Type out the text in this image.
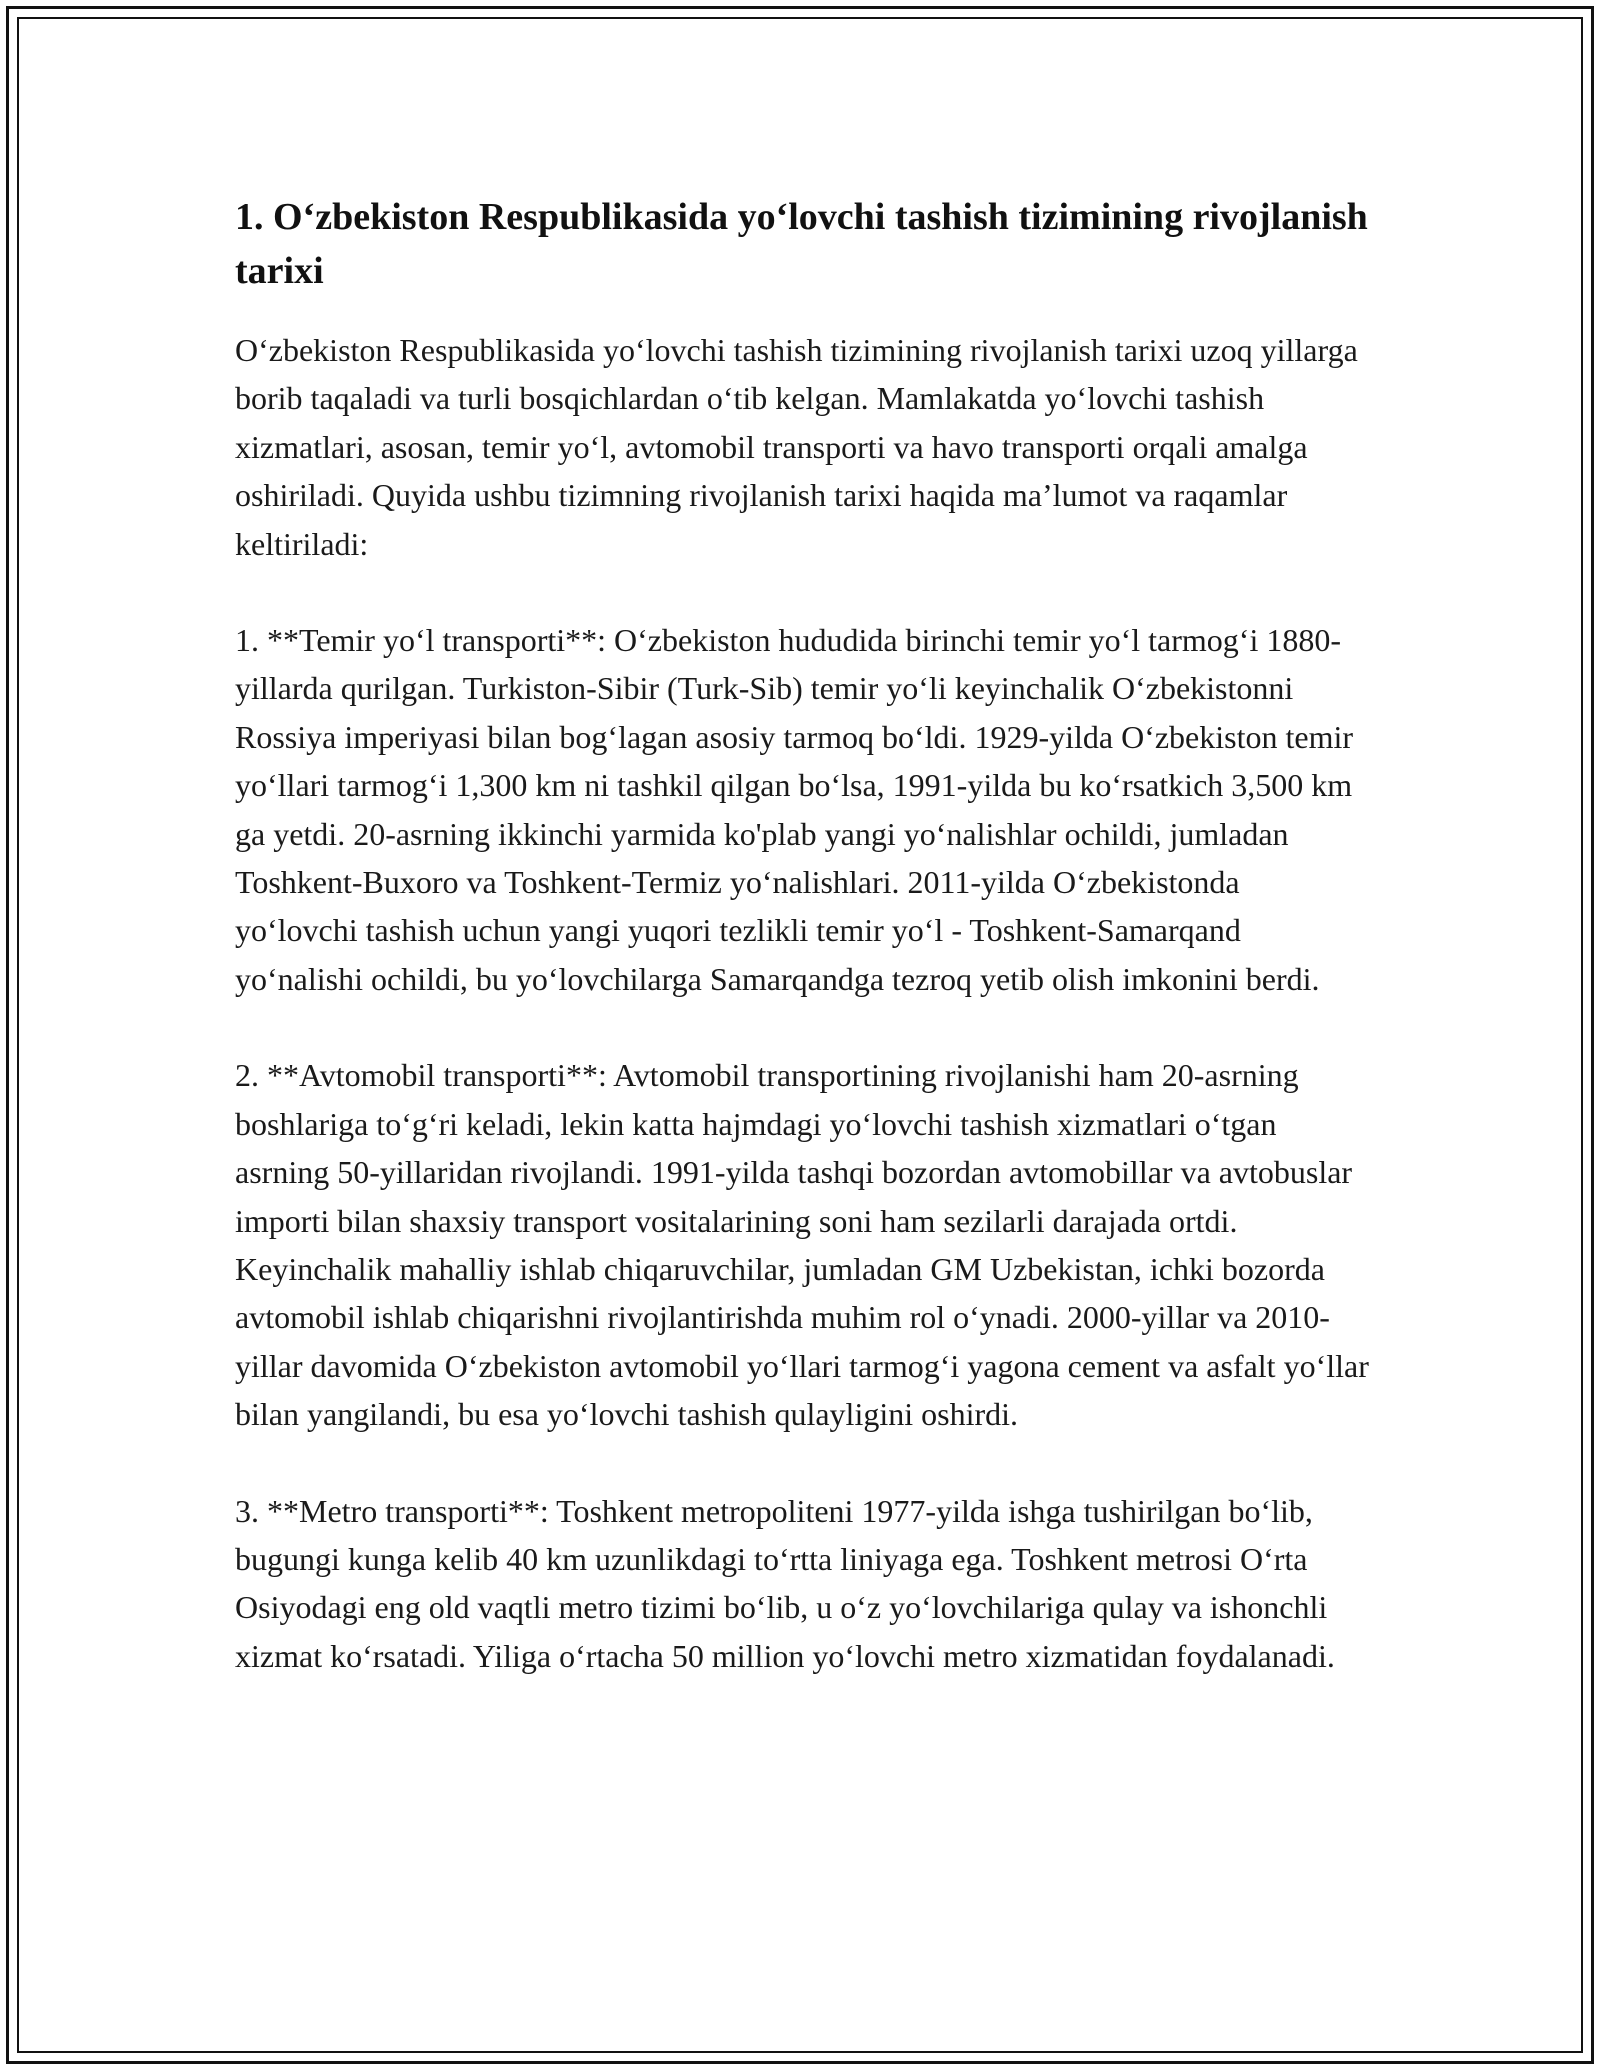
1. O‘zbekiston Respublikasida yo‘lovchi tashish tizimining rivojlanish tarixi

O‘zbekiston Respublikasida yo‘lovchi tashish tizimining rivojlanish tarixi uzoq yillarga borib taqaladi va turli bosqichlardan o‘tib kelgan. Mamlakatda yo‘lovchi tashish xizmatlari, asosan, temir yo‘l, avtomobil transporti va havo transporti orqali amalga oshiriladi. Quyida ushbu tizimning rivojlanish tarixi haqida ma’lumot va raqamlar keltiriladi:

1. **Temir yo‘l transporti**: O‘zbekiston hududida birinchi temir yo‘l tarmog‘i 1880-yillarda qurilgan. Turkiston-Sibir (Turk-Sib) temir yo‘li keyinchalik O‘zbekistonni Rossiya imperiyasi bilan bog‘lagan asosiy tarmoq bo‘ldi. 1929-yilda O‘zbekiston temir yo‘llari tarmog‘i 1,300 km ni tashkil qilgan bo‘lsa, 1991-yilda bu ko‘rsatkich 3,500 km ga yetdi. 20-asrning ikkinchi yarmida ko'plab yangi yo‘nalishlar ochildi, jumladan Toshkent-Buxoro va Toshkent-Termiz yo‘nalishlari. 2011-yilda O‘zbekistonda yo‘lovchi tashish uchun yangi yuqori tezlikli temir yo‘l - Toshkent-Samarqand yo‘nalishi ochildi, bu yo‘lovchilarga Samarqandga tezroq yetib olish imkonini berdi.

2. **Avtomobil transporti**: Avtomobil transportining rivojlanishi ham 20-asrning boshlariga to‘g‘ri keladi, lekin katta hajmdagi yo‘lovchi tashish xizmatlari o‘tgan asrning 50-yillaridan rivojlandi. 1991-yilda tashqi bozordan avtomobillar va avtobuslar importi bilan shaxsiy transport vositalarining soni ham sezilarli darajada ortdi. Keyinchalik mahalliy ishlab chiqaruvchilar, jumladan GM Uzbekistan, ichki bozorda avtomobil ishlab chiqarishni rivojlantirishda muhim rol o‘ynadi. 2000-yillar va 2010-yillar davomida O‘zbekiston avtomobil yo‘llari tarmog‘i yagona cement va asfalt yo‘llar bilan yangilandi, bu esa yo‘lovchi tashish qulayligini oshirdi.

3. **Metro transporti**: Toshkent metropoliteni 1977-yilda ishga tushirilgan bo‘lib, bugungi kunga kelib 40 km uzunlikdagi to‘rtta liniyaga ega. Toshkent metrosi O‘rta Osiyodagi eng old vaqtli metro tizimi bo‘lib, u o‘z yo‘lovchilariga qulay va ishonchli xizmat ko‘rsatadi. Yiliga o‘rtacha 50 million yo‘lovchi metro xizmatidan foydalanadi.
